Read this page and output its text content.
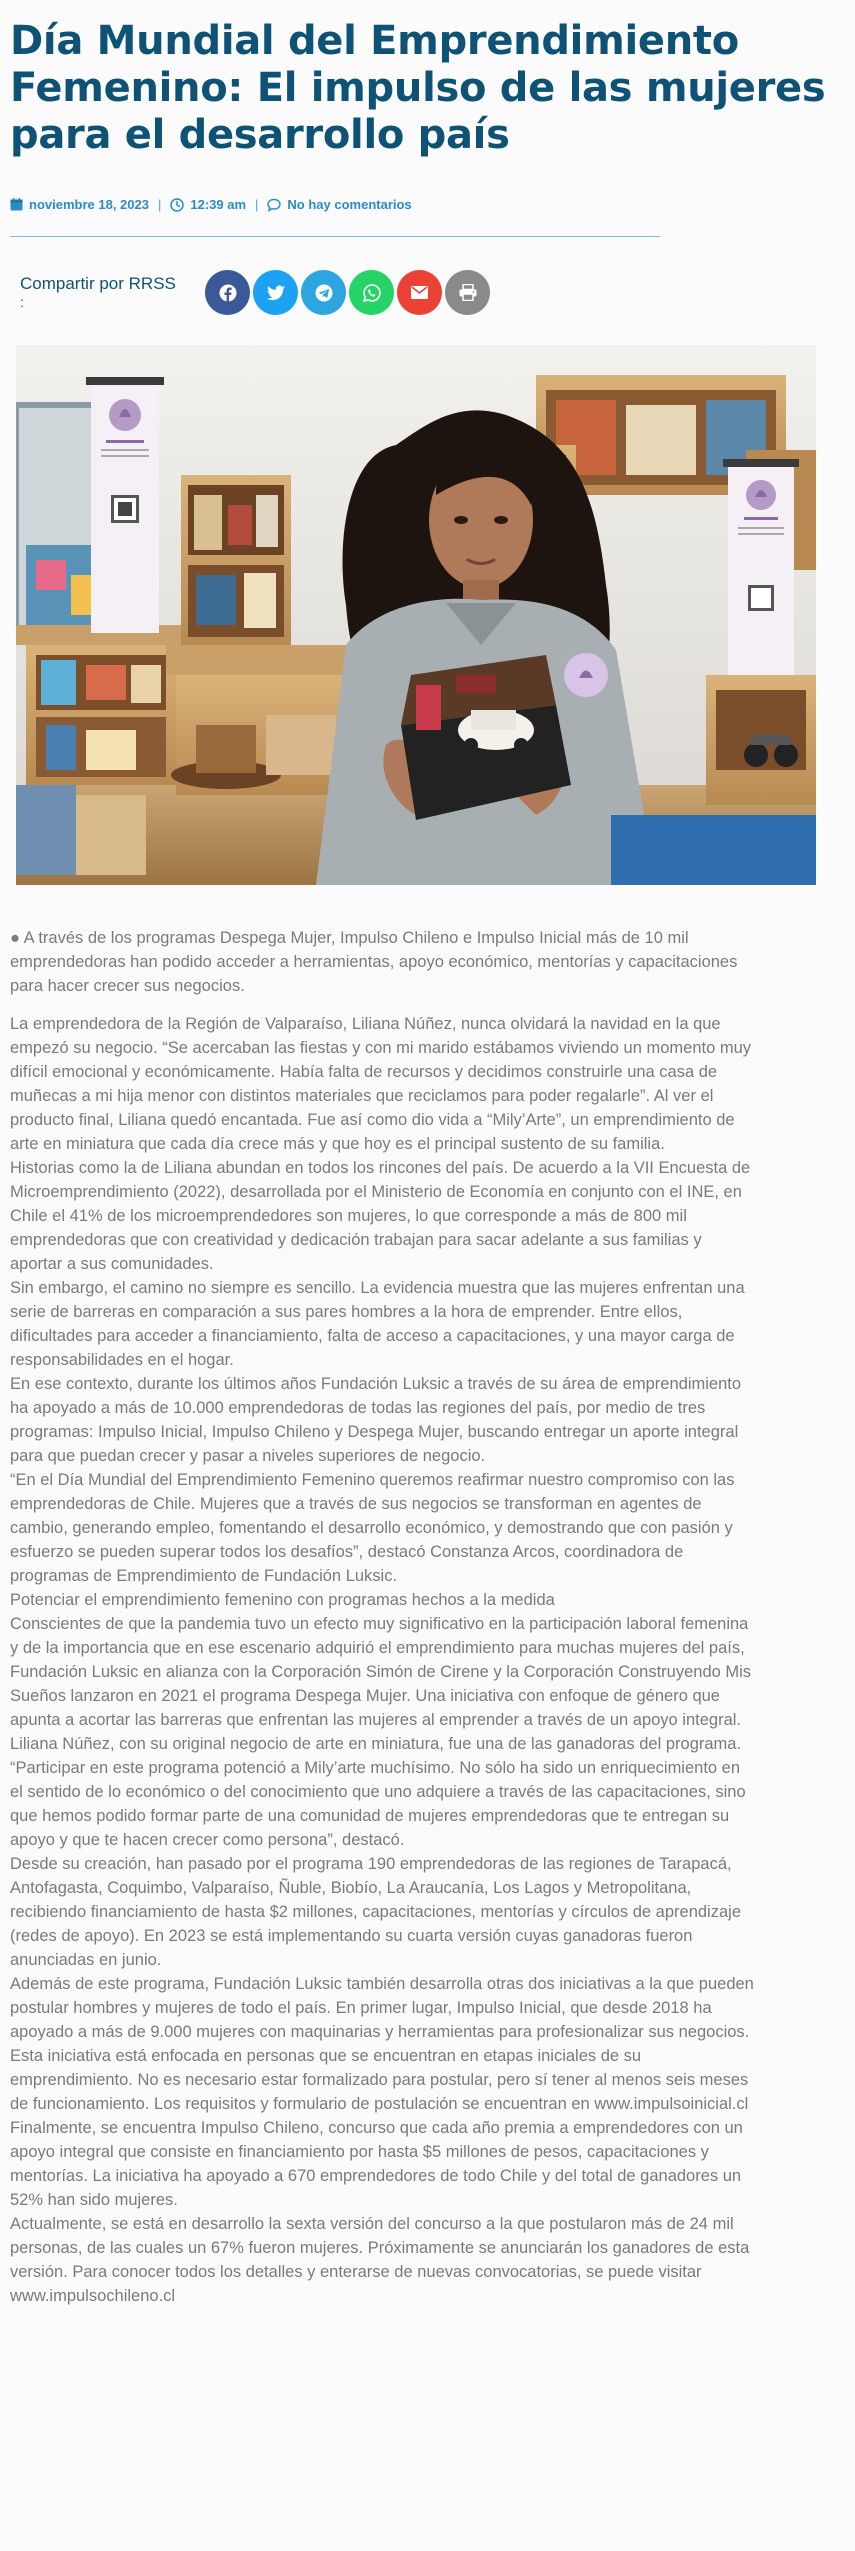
Día Mundial del Emprendimiento Femenino: El impulso de las mujeres para el desarrollo país
noviembre 18, 2023 | 12:39 am | No hay comentarios
Compartir por RRSS
:

● A través de los programas Despega Mujer, Impulso Chileno e Impulso Inicial más de 10 mil emprendedoras han podido acceder a herramientas, apoyo económico, mentorías y capacitaciones para hacer crecer sus negocios.

La emprendedora de la Región de Valparaíso, Liliana Núñez, nunca olvidará la navidad en la que empezó su negocio. “Se acercaban las fiestas y con mi marido estábamos viviendo un momento muy difícil emocional y económicamente. Había falta de recursos y decidimos construirle una casa de muñecas a mi hija menor con distintos materiales que reciclamos para poder regalarle”. Al ver el producto final, Liliana quedó encantada. Fue así como dio vida a “Mily’Arte”, un emprendimiento de arte en miniatura que cada día crece más y que hoy es el principal sustento de su familia.

Historias como la de Liliana abundan en todos los rincones del país. De acuerdo a la VII Encuesta de Microemprendimiento (2022), desarrollada por el Ministerio de Economía en conjunto con el INE, en Chile el 41% de los microemprendedores son mujeres, lo que corresponde a más de 800 mil emprendedoras que con creatividad y dedicación trabajan para sacar adelante a sus familias y aportar a sus comunidades.

Sin embargo, el camino no siempre es sencillo. La evidencia muestra que las mujeres enfrentan una serie de barreras en comparación a sus pares hombres a la hora de emprender. Entre ellos, dificultades para acceder a financiamiento, falta de acceso a capacitaciones, y una mayor carga de responsabilidades en el hogar.

En ese contexto, durante los últimos años Fundación Luksic a través de su área de emprendimiento ha apoyado a más de 10.000 emprendedoras de todas las regiones del país, por medio de tres programas: Impulso Inicial, Impulso Chileno y Despega Mujer, buscando entregar un aporte integral para que puedan crecer y pasar a niveles superiores de negocio.

“En el Día Mundial del Emprendimiento Femenino queremos reafirmar nuestro compromiso con las emprendedoras de Chile. Mujeres que a través de sus negocios se transforman en agentes de cambio, generando empleo, fomentando el desarrollo económico, y demostrando que con pasión y esfuerzo se pueden superar todos los desafíos”, destacó Constanza Arcos, coordinadora de programas de Emprendimiento de Fundación Luksic.

Potenciar el emprendimiento femenino con programas hechos a la medida

Conscientes de que la pandemia tuvo un efecto muy significativo en la participación laboral femenina y de la importancia que en ese escenario adquirió el emprendimiento para muchas mujeres del país, Fundación Luksic en alianza con la Corporación Simón de Cirene y la Corporación Construyendo Mis Sueños lanzaron en 2021 el programa Despega Mujer. Una iniciativa con enfoque de género que apunta a acortar las barreras que enfrentan las mujeres al emprender a través de un apoyo integral.

Liliana Núñez, con su original negocio de arte en miniatura, fue una de las ganadoras del programa. “Participar en este programa potenció a Mily’arte muchísimo. No sólo ha sido un enriquecimiento en el sentido de lo económico o del conocimiento que uno adquiere a través de las capacitaciones, sino que hemos podido formar parte de una comunidad de mujeres emprendedoras que te entregan su apoyo y que te hacen crecer como persona”, destacó.

Desde su creación, han pasado por el programa 190 emprendedoras de las regiones de Tarapacá, Antofagasta, Coquimbo, Valparaíso, Ñuble, Biobío, La Araucanía, Los Lagos y Metropolitana, recibiendo financiamiento de hasta $2 millones, capacitaciones, mentorías y círculos de aprendizaje (redes de apoyo). En 2023 se está implementando su cuarta versión cuyas ganadoras fueron anunciadas en junio.

Además de este programa, Fundación Luksic también desarrolla otras dos iniciativas a la que pueden postular hombres y mujeres de todo el país. En primer lugar, Impulso Inicial, que desde 2018 ha apoyado a más de 9.000 mujeres con maquinarias y herramientas para profesionalizar sus negocios.

Esta iniciativa está enfocada en personas que se encuentran en etapas iniciales de su emprendimiento. No es necesario estar formalizado para postular, pero sí tener al menos seis meses de funcionamiento. Los requisitos y formulario de postulación se encuentran en www.impulsoinicial.cl

Finalmente, se encuentra Impulso Chileno, concurso que cada año premia a emprendedores con un apoyo integral que consiste en financiamiento por hasta $5 millones de pesos, capacitaciones y mentorías. La iniciativa ha apoyado a 670 emprendedores de todo Chile y del total de ganadores un 52% han sido mujeres.

Actualmente, se está en desarrollo la sexta versión del concurso a la que postularon más de 24 mil personas, de las cuales un 67% fueron mujeres. Próximamente se anunciarán los ganadores de esta versión. Para conocer todos los detalles y enterarse de nuevas convocatorias, se puede visitar www.impulsochileno.cl
